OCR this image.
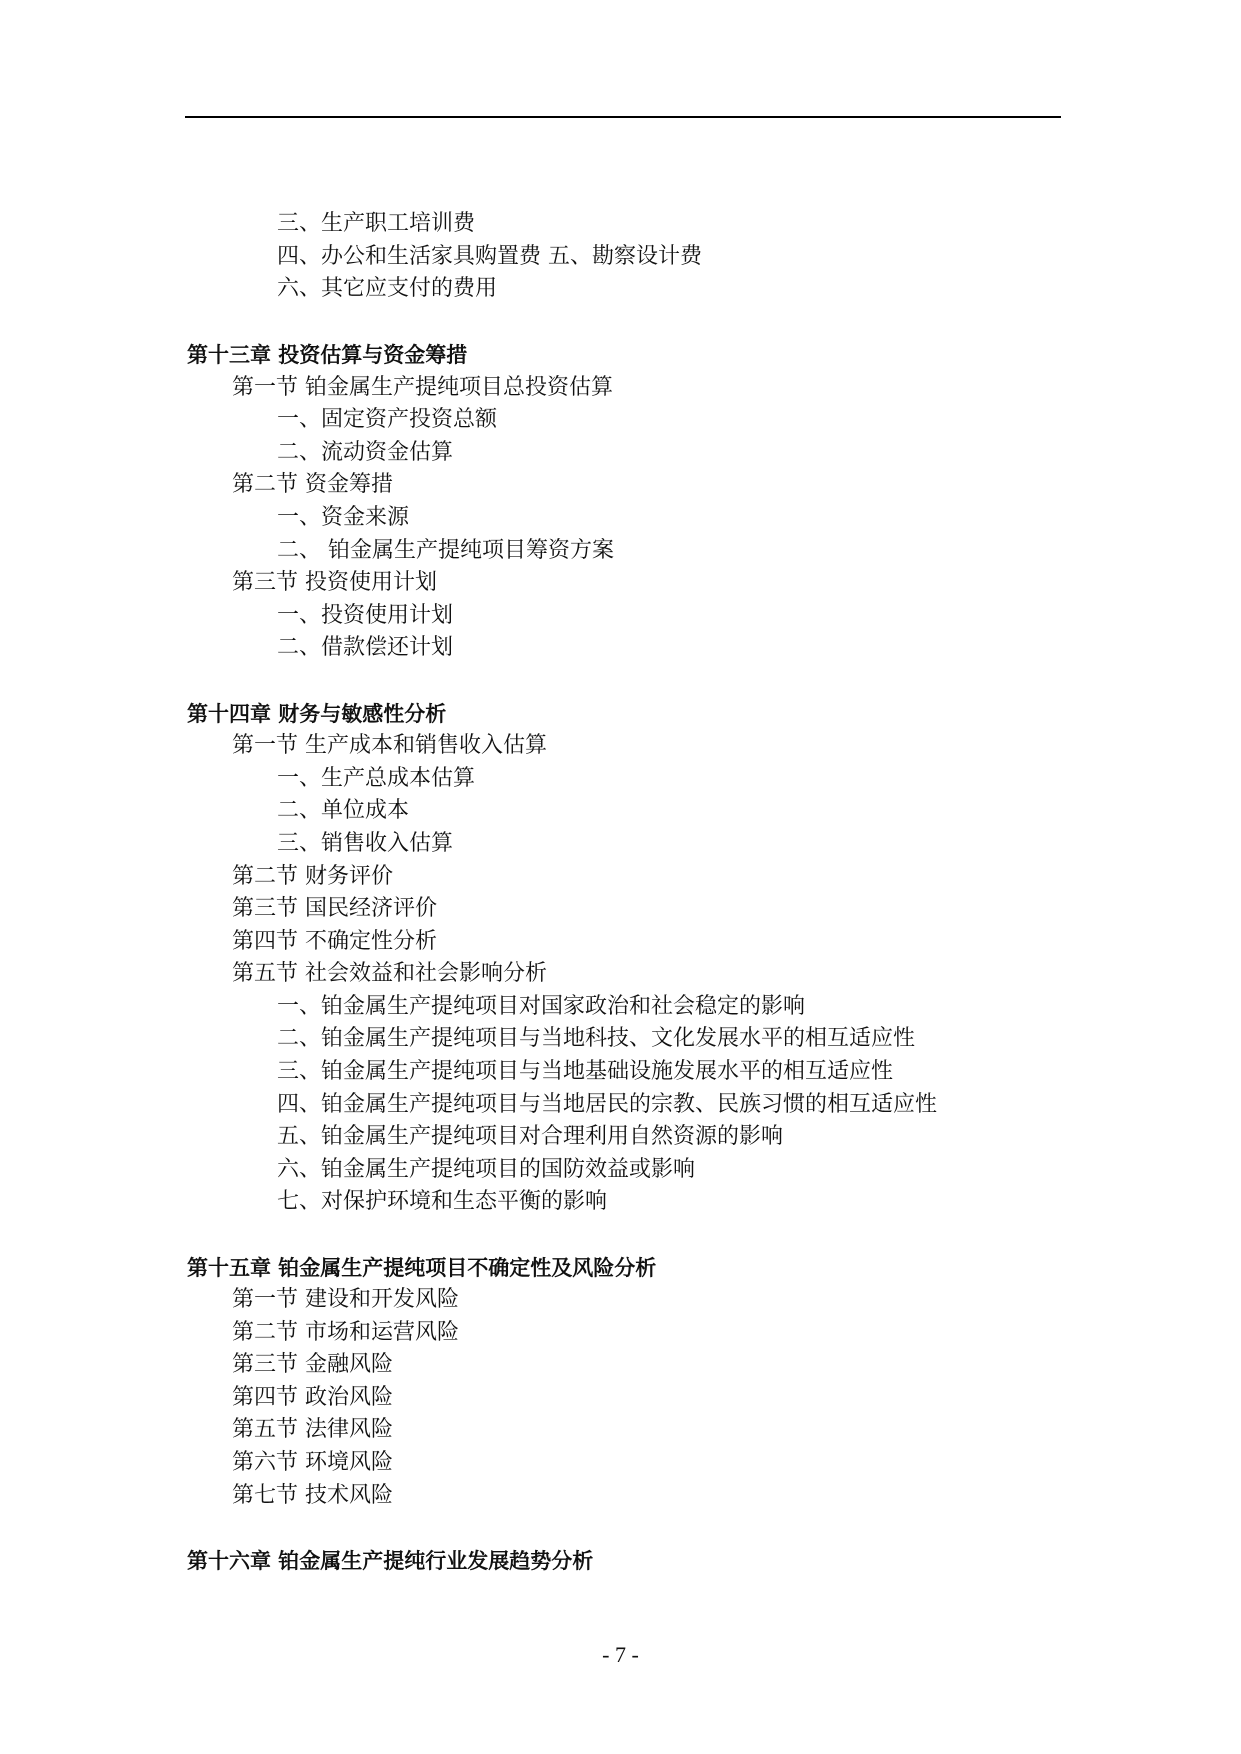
三、生产职工培训费
四、办公和生活家具购置费 五、勘察设计费
六、其它应支付的费用
第十三章 投资估算与资金筹措
第一节 铂金属生产提纯项目总投资估算
一、固定资产投资总额
二、流动资金估算
第二节 资金筹措
一、资金来源
二、 铂金属生产提纯项目筹资方案
第三节 投资使用计划
一、投资使用计划
二、借款偿还计划
第十四章 财务与敏感性分析
第一节 生产成本和销售收入估算
一、生产总成本估算
二、单位成本
三、销售收入估算
第二节 财务评价
第三节 国民经济评价
第四节 不确定性分析
第五节 社会效益和社会影响分析
一、铂金属生产提纯项目对国家政治和社会稳定的影响
二、铂金属生产提纯项目与当地科技、文化发展水平的相互适应性
三、铂金属生产提纯项目与当地基础设施发展水平的相互适应性
四、铂金属生产提纯项目与当地居民的宗教、民族习惯的相互适应性
五、铂金属生产提纯项目对合理利用自然资源的影响
六、铂金属生产提纯项目的国防效益或影响
七、对保护环境和生态平衡的影响
第十五章 铂金属生产提纯项目不确定性及风险分析
第一节 建设和开发风险
第二节 市场和运营风险
第三节 金融风险
第四节 政治风险
第五节 法律风险
第六节 环境风险
第七节 技术风险
第十六章 铂金属生产提纯行业发展趋势分析
- 7 -
